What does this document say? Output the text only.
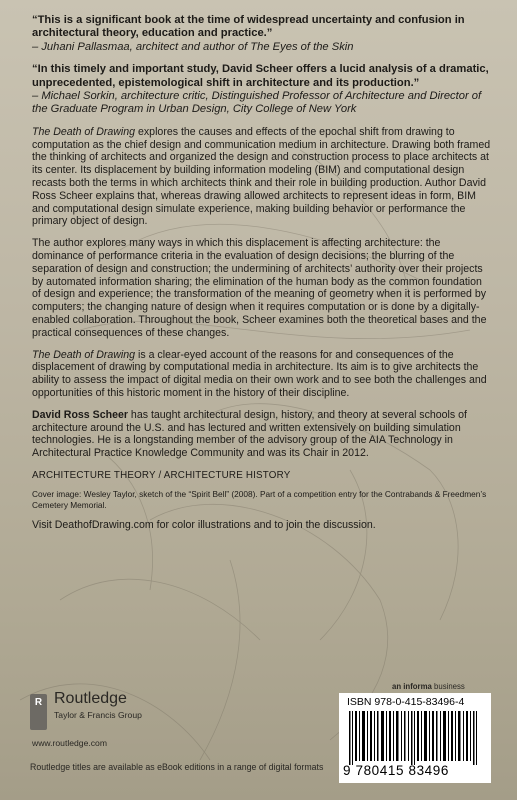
“This is a significant book at the time of widespread uncertainty and confusion in architectural theory, education and practice.”
– Juhani Pallasmaa, architect and author of The Eyes of the Skin
“In this timely and important study, David Scheer offers a lucid analysis of a dramatic, unprecedented, epistemological shift in architecture and its production.”
– Michael Sorkin, architecture critic, Distinguished Professor of Architecture and Director of the Graduate Program in Urban Design, City College of New York

The Death of Drawing explores the causes and effects of the epochal shift from drawing to computation as the chief design and communication medium in architecture. Drawing both framed the thinking of architects and organized the design and construction process to place architects at its center. Its displacement by building information modeling (BIM) and computational design recasts both the terms in which architects think and their role in building production. Author David Ross Scheer explains that, whereas drawing allowed architects to represent ideas in form, BIM and computational design simulate experience, making building behavior or performance the primary object of design.

The author explores many ways in which this displacement is affecting architecture: the dominance of performance criteria in the evaluation of design decisions; the blurring of the separation of design and construction; the undermining of architects’ authority over their projects by automated information sharing; the elimination of the human body as the common foundation of design and experience; the transformation of the meaning of geometry when it is performed by computers; the changing nature of design when it requires computation or is done by a digitally-enabled collaboration. Throughout the book, Scheer examines both the theoretical bases and the practical consequences of these changes.

The Death of Drawing is a clear-eyed account of the reasons for and consequences of the displacement of drawing by computational media in architecture. Its aim is to give architects the ability to assess the impact of digital media on their own work and to see both the challenges and opportunities of this historic moment in the history of their discipline.

David Ross Scheer has taught architectural design, history, and theory at several schools of architecture around the U.S. and has lectured and written extensively on building simulation technologies. He is a longstanding member of the advisory group of the AIA Technology in Architectural Practice Knowledge Community and was its Chair in 2012.

ARCHITECTURE THEORY / ARCHITECTURE HISTORY
Cover image: Wesley Taylor, sketch of the “Spirit Bell” (2008). Part of a competition entry for the Contrabands & Freedmen’s Cemetery Memorial.
Visit DeathofDrawing.com for color illustrations and to join the discussion.
R Routledge
Taylor & Francis Group
www.routledge.com
an informa business
ISBN 978-0-415-83496-4
9 780415 83496
Routledge titles are available as eBook editions in a range of digital formats
